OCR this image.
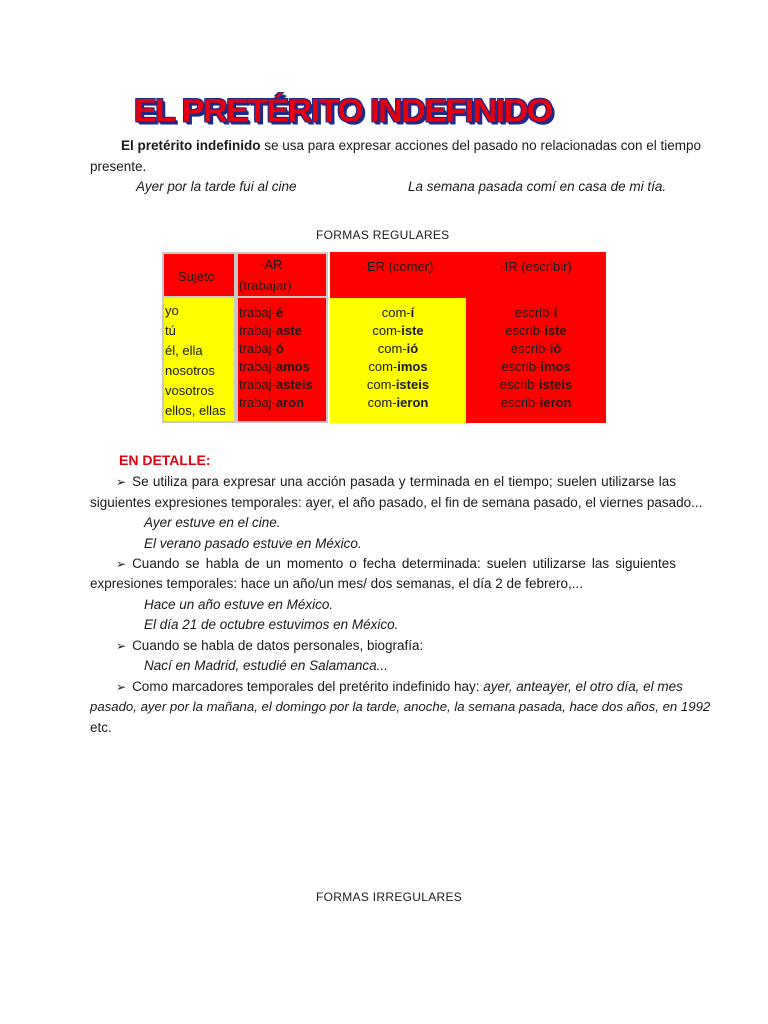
EL PRETÉRITO INDEFINIDO
El pretérito indefinido se usa para expresar acciones del pasado no relacionadas con el tiempo
presente.
Ayer por la tarde fui al cine	La semana pasada comí en casa de mi tía.
FORMAS REGULARES
Sujeto
-AR
(trabajar)
-ER (comer)	-IR (escribir)
yo
tú
él, ella
nosotros
vosotros
ellos, ellas
trabaj-é
trabaj-aste
trabaj-ó
trabaj-amos
trabaj-asteis
trabaj-aron
com-í
com-iste
com-ió
com-imos
com-isteis
com-ieron
escrib-í
escrib-iste
escrib-ió
escrib-imos
escrib-isteis
escrib-ieron
EN DETALLE:
➢ Se utiliza para expresar una acción pasada y terminada en el tiempo; suelen utilizarse las
siguientes expresiones temporales: ayer, el año pasado, el fin de semana pasado, el viernes pasado...
Ayer estuve en el cine.
El verano pasado estuve en México.
➢ Cuando se habla de un momento o fecha determinada: suelen utilizarse las siguientes
expresiones temporales: hace un año/un mes/ dos semanas, el día 2 de febrero,...
Hace un año estuve en México.
El día 21 de octubre estuvimos en México.
➢ Cuando se habla de datos personales, biografía:
Nací en Madrid, estudié en Salamanca...
➢ Como marcadores temporales del pretérito indefinido hay: ayer, anteayer, el otro día, el mes
pasado, ayer por la mañana, el domingo por la tarde, anoche, la semana pasada, hace dos años, en 1992
etc.
FORMAS IRREGULARES
